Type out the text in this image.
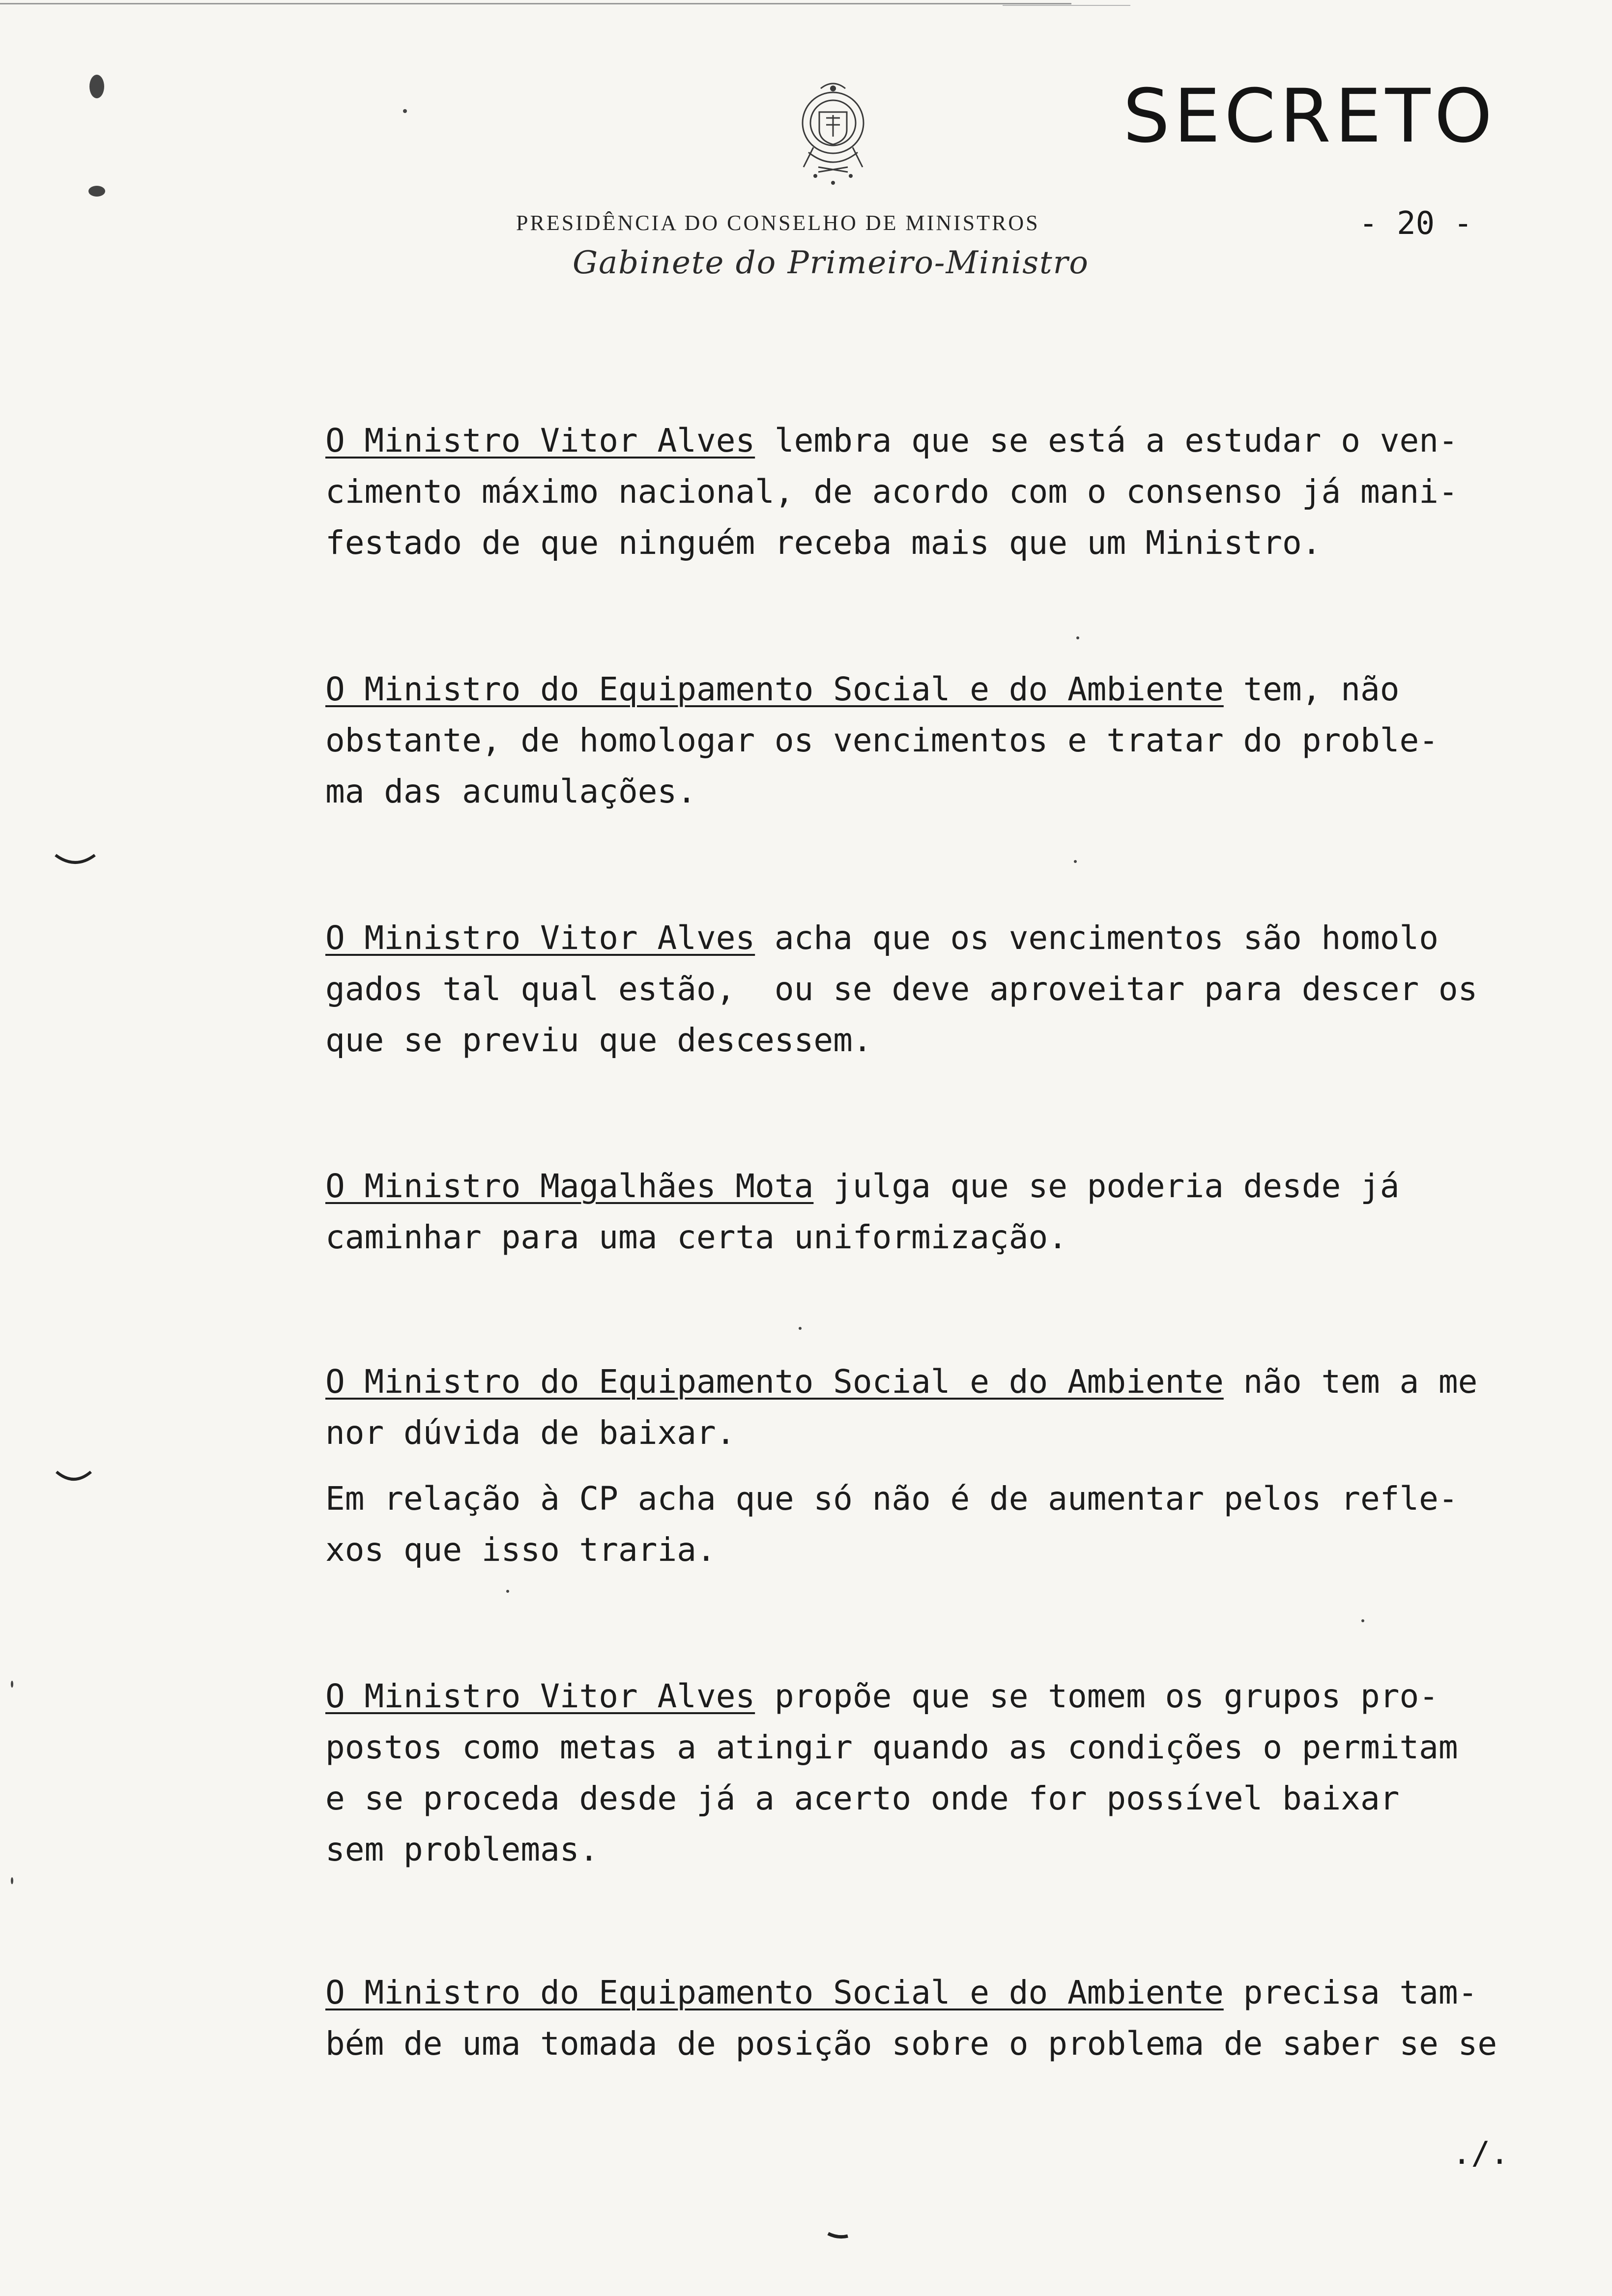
SECRETO
PRESIDÊNCIA DO CONSELHO DE MINISTROS	- 20 -
Gabinete do Primeiro-Ministro
O Ministro Vitor Alves lembra que se está a estudar o ven-
cimento máximo nacional, de acordo com o consenso já mani-
festado de que ninguém receba mais que um Ministro.
O Ministro do Equipamento Social e do Ambiente tem, não
obstante, de homologar os vencimentos e tratar do proble-
ma das acumulações.
O Ministro Vitor Alves acha que os vencimentos são homolo
gados tal qual estão,  ou se deve aproveitar para descer os
que se previu que descessem.
O Ministro Magalhães Mota julga que se poderia desde já
caminhar para uma certa uniformização.
O Ministro do Equipamento Social e do Ambiente não tem a me
nor dúvida de baixar.
Em relação à CP acha que só não é de aumentar pelos refle-
xos que isso traria.
O Ministro Vitor Alves propõe que se tomem os grupos pro-
postos como metas a atingir quando as condições o permitam
e se proceda desde já a acerto onde for possível baixar
sem problemas.
O Ministro do Equipamento Social e do Ambiente precisa tam-
bém de uma tomada de posição sobre o problema de saber se se
./.
